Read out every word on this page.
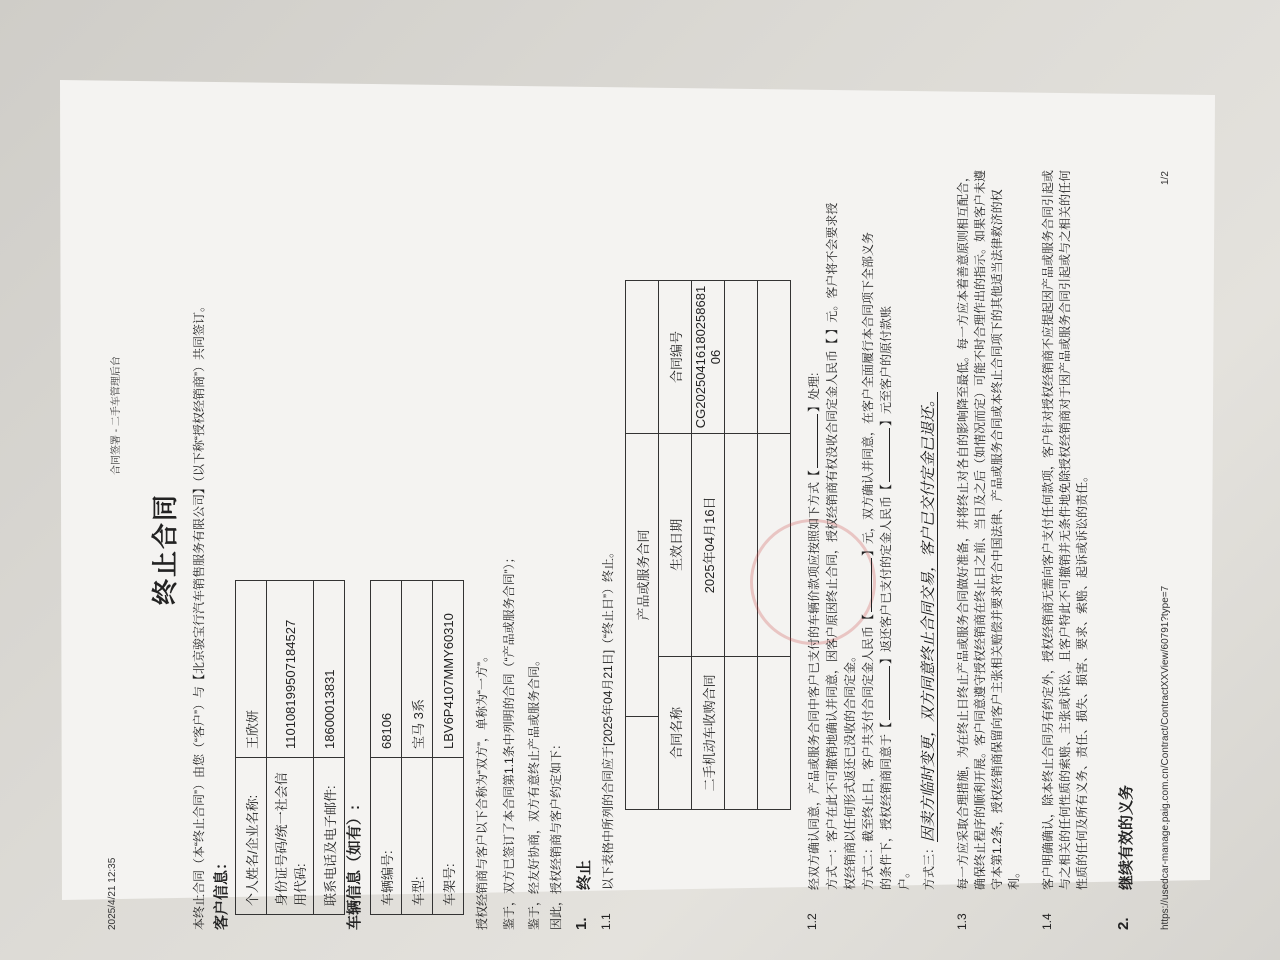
2025/4/21 12:35
合同签署 - 二手车管理后台
终止合同 本终止合同（本“终止合同”）由您（“客户”）与【北京骏宝行汽车销售服务有限公司】（以下称“授权经销商”）共同签订。 客户信息： 个人姓名/企业名称:	王欣妍
身份证号码/统一社会信用代码:	110108199507184527
联系电话及电子邮件:	18600013831
车辆信息（如有）: 车辆编号:	68106
车型:	宝马 3系
车架号:	LBV6P4107MMY60310 授权经销商与客户以下合称为“双方”，单称为“一方”。 鉴于，双方已签订了本合同第1.1条中列明的合同（“产品或服务合同”）； 鉴于，经友好协商，双方有意终止产品或服务合同。 因此，授权经销商与客户约定如下： 1.
终止
1.1
以下表格中所列的合同应于[2025年04月21日]（“终止日”）终止。
	产品或服务合同		
合同名称		生效日期	合同编号
二手机动车收购合同		2025年04月16日	CG20250416180258681 06

1.2
经双方确认同意，产品或服务合同中客户已支付的车辆价款项应按照如下方式【】处理: 方式一：客户在此不可撤销地确认并同意，因客户原因终止合同，授权经销商有权没收合同定金人民币【 】元。客户将不会要求授 权经销商以任何形式返还已没收的合同定金。 方式二：截至终止日，客户共支付合同定金人民币【】元，双方确认并同意，在客户全面履行本合同项下全部义务
的条件下，授权经销商同意于【】返还客户已支付的定金人民币【】元至客户的原付款账
户。 方式三：因卖方临时变更，双方同意终止合同交易，客户已交付定金已退还。
1.3
每一方应采取合理措施，为在终止日终止产品或服务合同做好准备，并将终止对各自的影响降至最低。每一方应本着善意原则相互配合，确保终止程序的顺利开展。客户同意遵守授权经销商在终止日之前、当日及之后（如情况而定）可能不时合理作出的指示。如果客户未遵守本第1.2条，授权经销商保留向客户主张相关赔偿并要求符合中国法律、产品或服务合同或本终止合同项下的其他适当法律救济的权利。
1.4
客户明确确认，除本终止合同另有约定外，授权经销商无需向客户支付任何款项，客户针对授权经销商不应提起因产品或服务合同引起或与之相关的任何性质的索赔、主张或诉讼，且客户特此不可撤销并无条件地免除授权经销商对于因产品或服务合同引起或与之相关的任何性质的任何及所有义务、责任、损失、损害、要求、索赔、起诉或诉讼的责任。
2.
继续有效的义务	https://usedcar-manage.paig.com.cn/Contract/ContractXXView/60791?type=7
1/2
